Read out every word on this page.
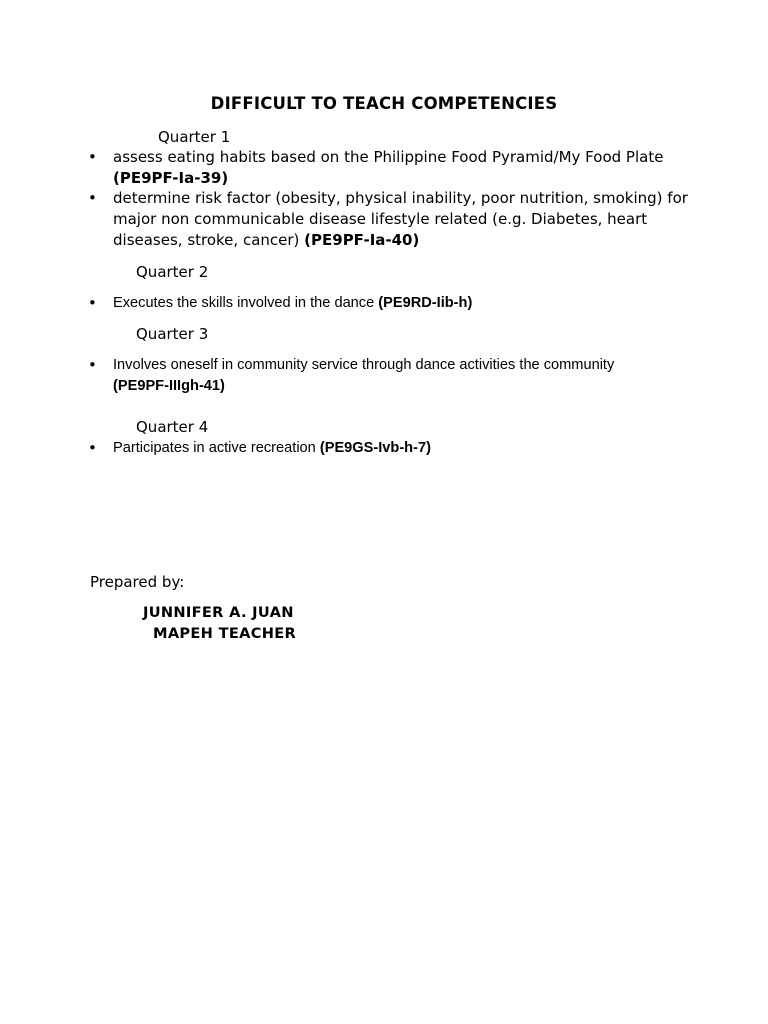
DIFFICULT TO TEACH COMPETENCIES
Quarter 1
• assess eating habits based on the Philippine Food Pyramid/My Food Plate
(PE9PF-Ia-39)
• determine risk factor (obesity, physical inability, poor nutrition, smoking) for major non communicable disease lifestyle related (e.g. Diabetes, heart diseases, stroke, cancer) (PE9PF-Ia-40)
Quarter 2
• Executes the skills involved in the dance (PE9RD-Iib-h)
Quarter 3
• Involves oneself in community service through dance activities the community
(PE9PF-IIIgh-41)
Quarter 4
• Participates in active recreation (PE9GS-Ivb-h-7)
Prepared by:
JUNNIFER A. JUAN
MAPEH TEACHER
